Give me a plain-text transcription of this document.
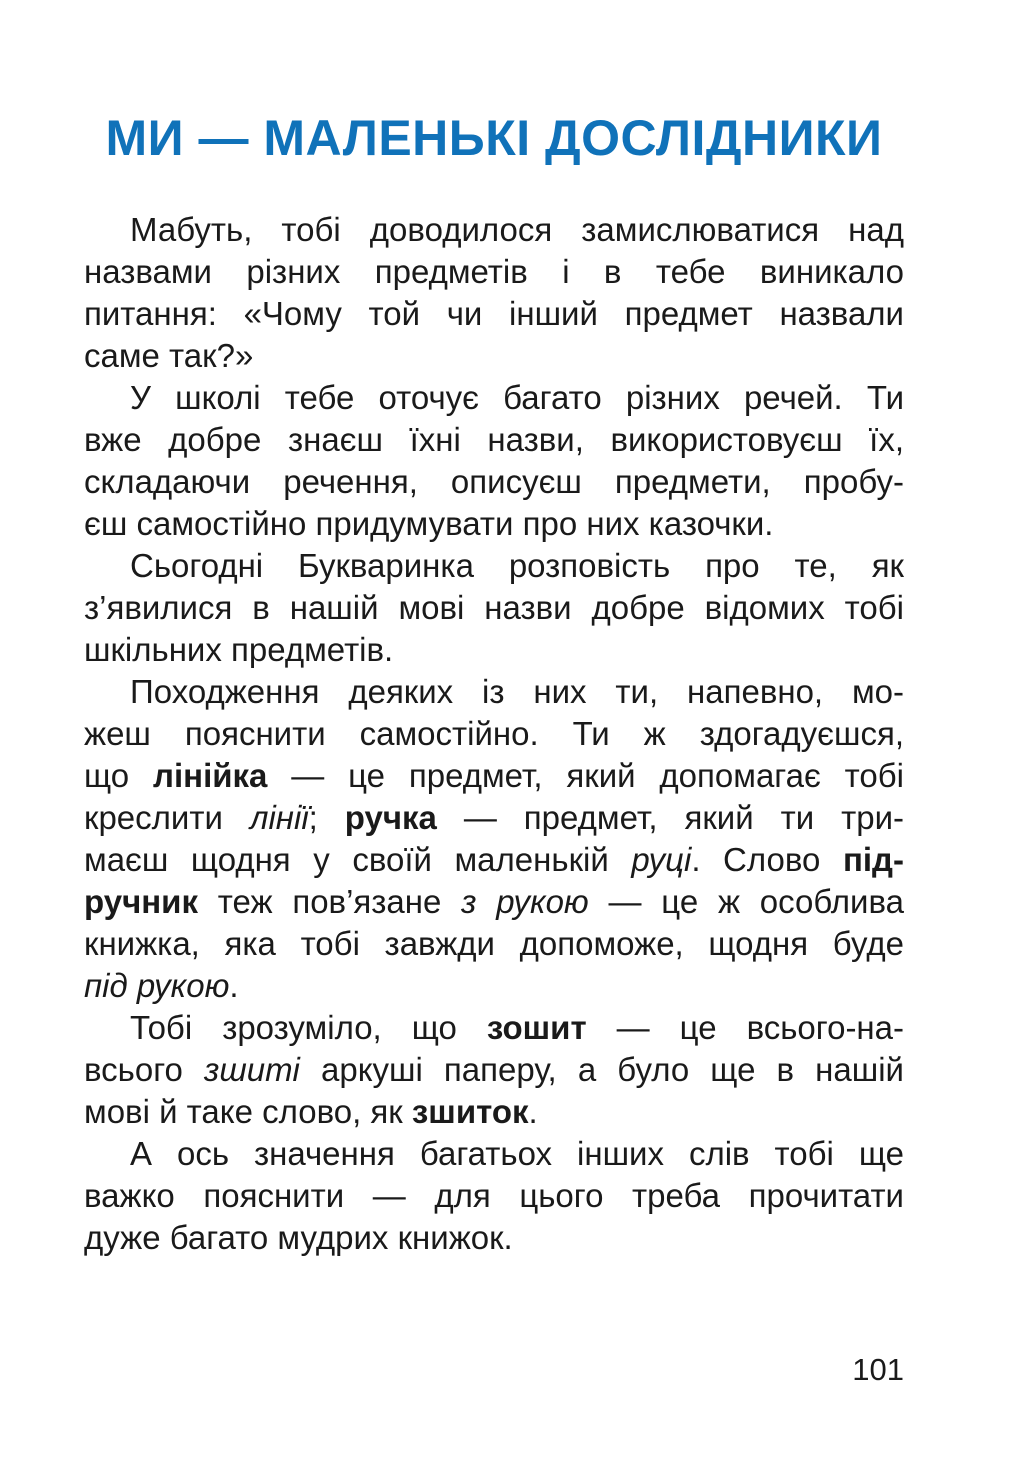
МИ — МАЛЕНЬКІ ДОСЛІДНИКИ
Мабуть, тобі доводилося замислюватися над
назвами різних предметів і в тебе виникало
питання: «Чому той чи інший предмет назвали
саме так?»
У школі тебе оточує багато різних речей. Ти
вже добре знаєш їхні назви, використовуєш їх,
складаючи речення, описуєш предмети, пробу-
єш самостійно придумувати про них казочки.
Сьогодні Букваринка розповість про те, як
з’явилися в нашій мові назви добре відомих тобі
шкільних предметів.
Походження деяких із них ти, напевно, мо-
жеш пояснити самостійно. Ти ж здогадуєшся,
що лінійка — це предмет, який допомагає тобі
креслити лінії; ручка — предмет, який ти три-
маєш щодня у своїй маленькій руці. Слово під-
ручник теж пов’язане з рукою — це ж особлива
книжка, яка тобі завжди допоможе, щодня буде
під рукою.
Тобі зрозуміло, що зошит — це всього-на-
всього зшиті аркуші паперу, а було ще в нашій
мові й таке слово, як зшиток.
А ось значення багатьох інших слів тобі ще
важко пояснити — для цього треба прочитати
дуже багато мудрих книжок.
101
